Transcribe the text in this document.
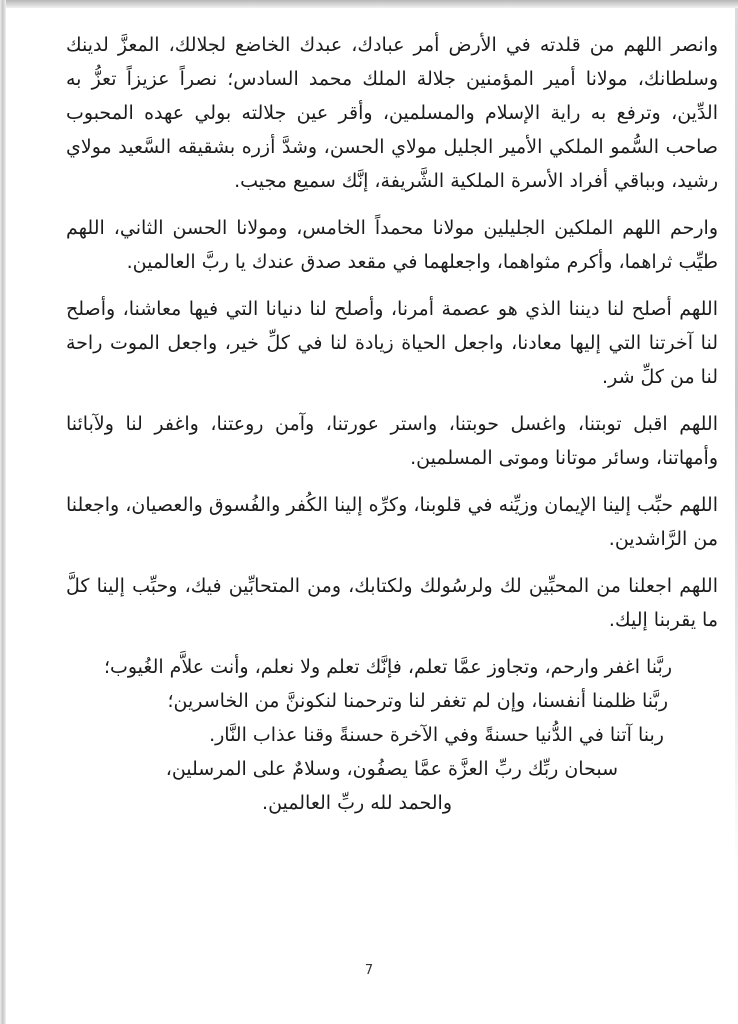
وانصر اللهم من قلدته في الأرض أمر عبادك، عبدك الخاضع لجلالك، المعزَّ لدينك وسلطانك، مولانا أمير المؤمنين جلالة الملك محمد السادس؛ نصراً عزيزاً تعزُّ به الدِّين، وترفع به راية الإسلام والمسلمين، وأقر عين جلالته بولي عهده المحبوب صاحب السُّمو الملكي الأمير الجليل مولاي الحسن، وشدَّ أزره بشقيقه السَّعيد مولاي رشيد، وبباقي أفراد الأسرة الملكية الشَّريفة، إنَّك سميع مجيب.

وارحم اللهم الملكين الجليلين مولانا محمداً الخامس، ومولانا الحسن الثاني، اللهم طيِّب ثراهما، وأكرم مثواهما، واجعلهما في مقعد صدق عندك يا ربَّ العالمين.

اللهم أصلح لنا ديننا الذي هو عصمة أمرنا، وأصلح لنا دنيانا التي فيها معاشنا، وأصلح لنا آخرتنا التي إليها معادنا، واجعل الحياة زيادة لنا في كلِّ خير، واجعل الموت راحة لنا من كلِّ شر.

اللهم اقبل توبتنا، واغسل حوبتنا، واستر عورتنا، وآمن روعتنا، واغفر لنا ولآبائنا وأمهاتنا، وسائر موتانا وموتى المسلمين.

اللهم حبِّب إلينا الإيمان وزيِّنه في قلوبنا، وكرِّه إلينا الكُفر والفُسوق والعصيان، واجعلنا من الرَّاشدين.

اللهم اجعلنا من المحبِّين لك ولرسُولك ولكتابك، ومن المتحابِّين فيك، وحبِّب إلينا كلَّ ما يقربنا إليك.

ربَّنا اغفر وارحم، وتجاوز عمَّا تعلم، فإنَّك تعلم ولا نعلم، وأنت علاَّم الغُيوب؛

ربَّنا ظلمنا أنفسنا، وإن لم تغفر لنا وترحمنا لنكوننَّ من الخاسرين؛

ربنا آتنا في الدُّنيا حسنةً وفي الآخرة حسنةً وقنا عذاب النَّار.

سبحان ربِّك ربِّ العزَّة عمَّا يصفُون، وسلامٌ على المرسلين،

والحمد لله ربِّ العالمين.

7
